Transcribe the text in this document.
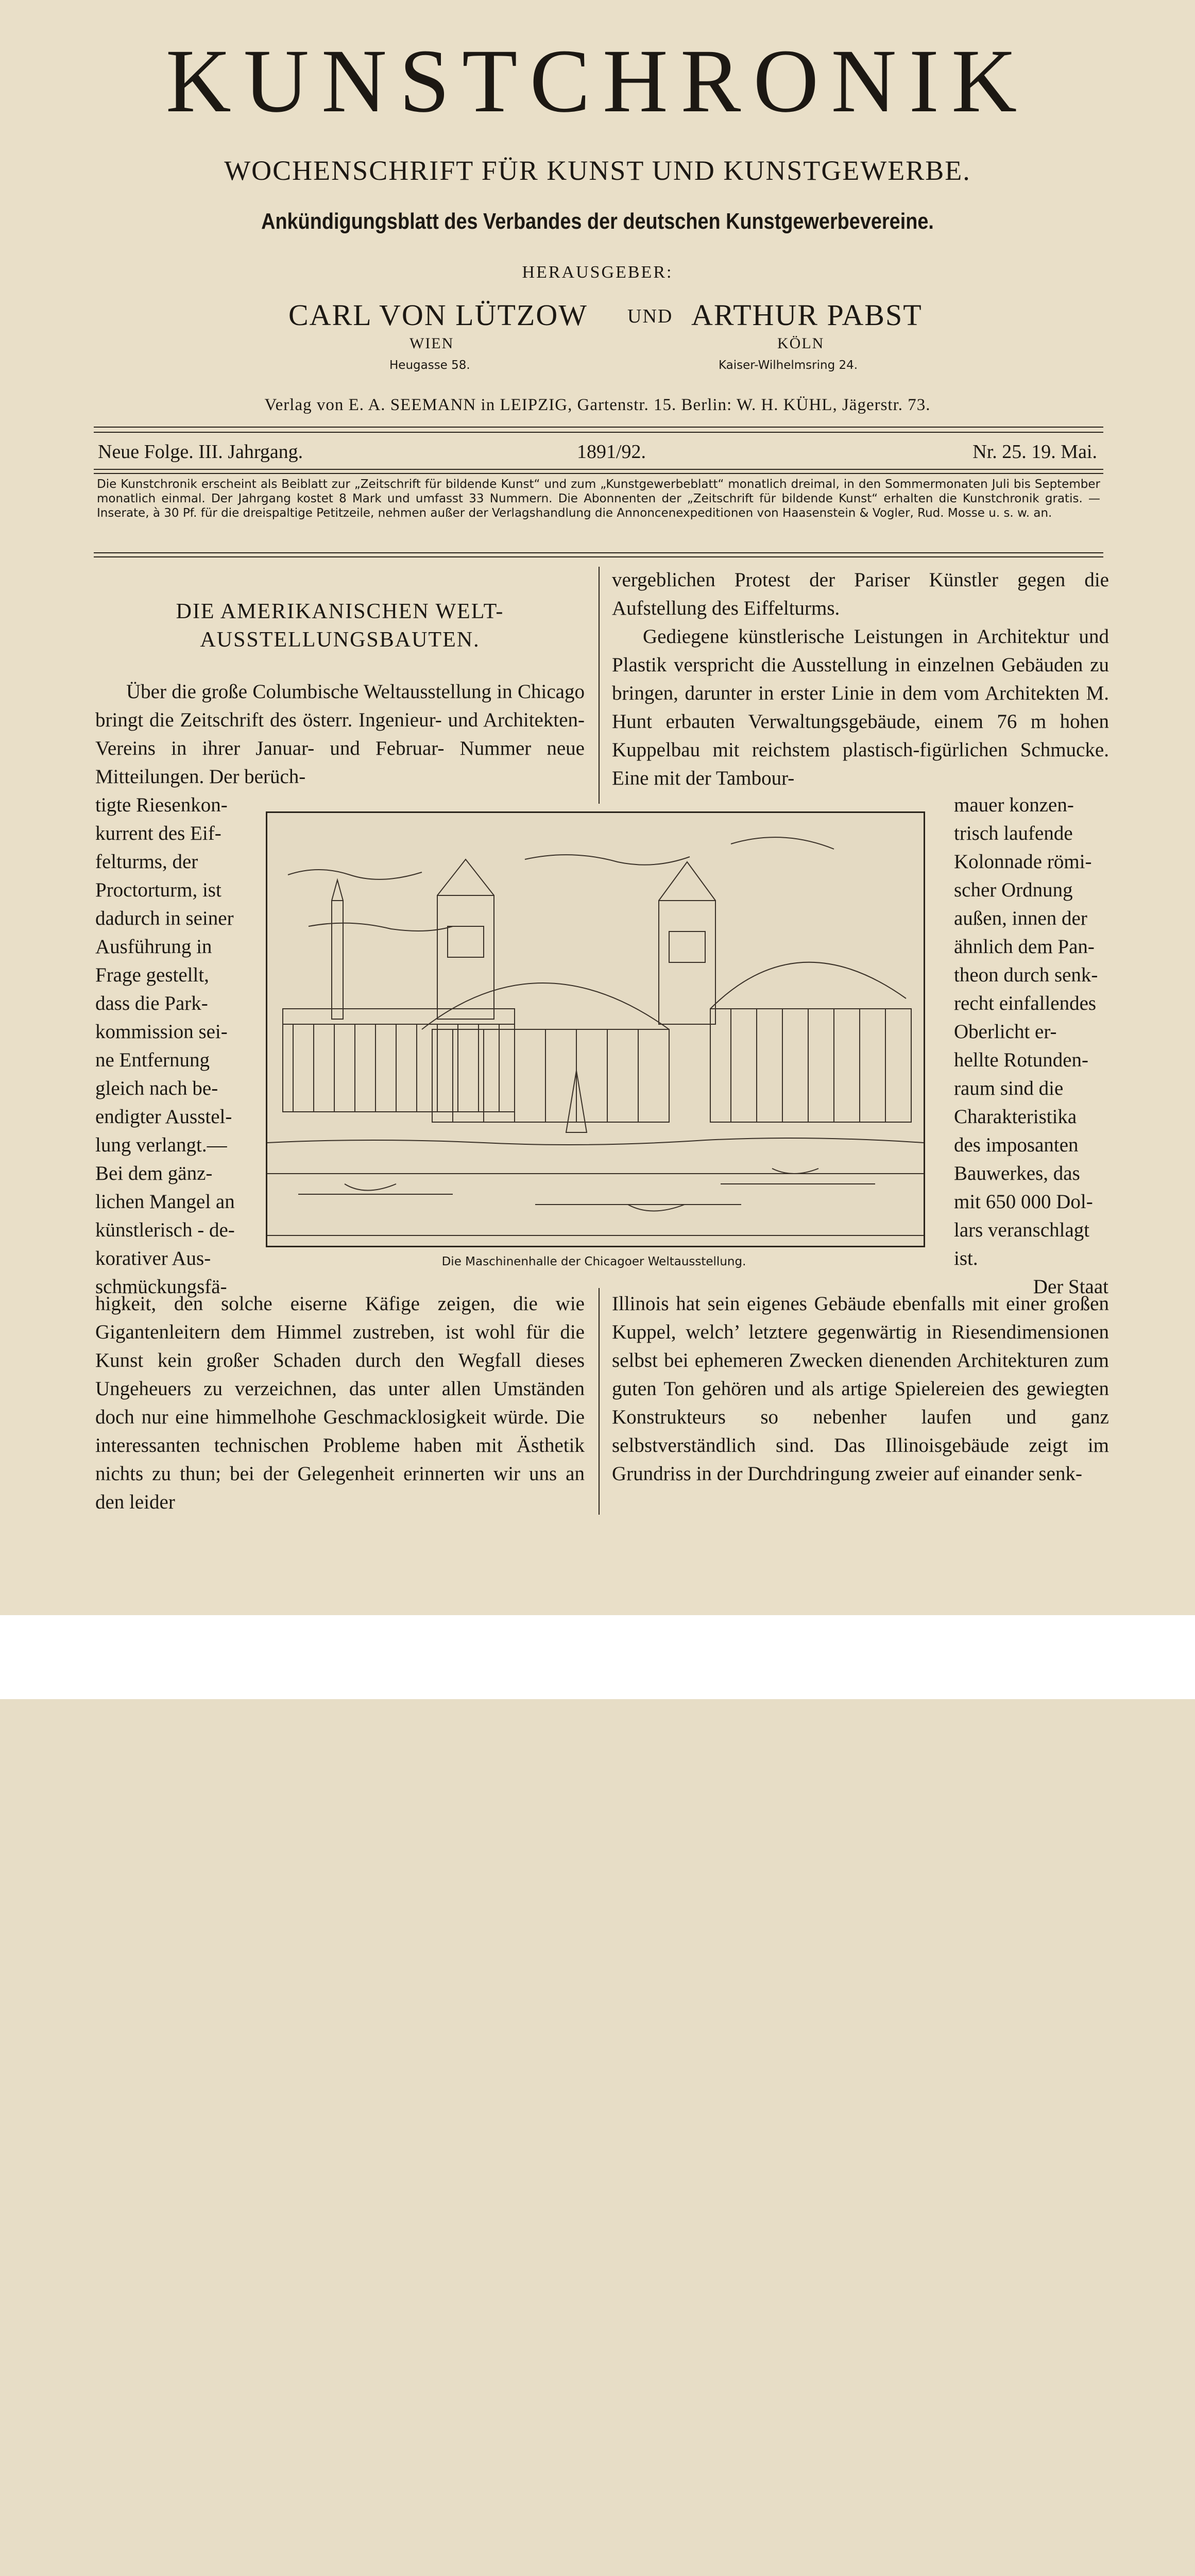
KUNSTCHRONIK
WOCHENSCHRIFT FÜR KUNST UND KUNSTGEWERBE.
Ankündigungsblatt des Verbandes der deutschen Kunstgewerbevereine.
HERAUSGEBER:
CARL VON LÜTZOW UND ARTHUR PABST
WIEN
Heugasse 58.
KÖLN
Kaiser-Wilhelmsring 24.
Verlag von E. A. SEEMANN in LEIPZIG, Gartenstr. 15. Berlin: W. H. KÜHL, Jägerstr. 73.
Neue Folge. III. Jahrgang.	1891/92.	Nr. 25. 19. Mai.
Die Kunstchronik erscheint als Beiblatt zur „Zeitschrift für bildende Kunst“ und zum „Kunstgewerbeblatt“ monatlich dreimal, in den Sommermonaten Juli bis September monatlich einmal. Der Jahrgang kostet 8 Mark und umfasst 33 Nummern. Die Abonnenten der „Zeitschrift für bildende Kunst“ erhalten die Kunstchronik gratis. — Inserate, à 30 Pf. für die dreispaltige Petitzeile, nehmen außer der Verlagshandlung die Annoncenexpeditionen von Haasenstein & Vogler, Rud. Mosse u. s. w. an.
DIE AMERIKANISCHEN WELT-
AUSSTELLUNGSBAUTEN.

Über die große Columbische Weltausstellung in Chicago bringt die Zeitschrift des österr. Ingenieur- und Architekten-Vereins in ihrer Januar- und Februar- Nummer neue Mitteilungen. Der berüch-

tigte Riesenkon-
kurrent des Eif-
felturms, der
Proctorturm, ist
dadurch in seiner
Ausführung in
Frage gestellt,
dass die Park-
kommission sei-
ne Entfernung
gleich nach be-
endigter Ausstel-
lung verlangt.—
Bei dem gänz-
lichen Mangel an
künstlerisch - de-
korativer Aus-
schmückungsfä-

higkeit, den solche eiserne Käfige zeigen, die wie Gigantenleitern dem Himmel zustreben, ist wohl für die Kunst kein großer Schaden durch den Wegfall dieses Ungeheuers zu verzeichnen, das unter allen Umständen doch nur eine himmelhohe Geschmacklosigkeit würde. Die interessanten technischen Probleme haben mit Ästhetik nichts zu thun; bei der Gelegenheit erinnerten wir uns an den leider

vergeblichen Protest der Pariser Künstler gegen die Aufstellung des Eiffelturms.

Gediegene künstlerische Leistungen in Architektur und Plastik verspricht die Ausstellung in einzelnen Gebäuden zu bringen, darunter in erster Linie in dem vom Architekten M. Hunt erbauten Verwaltungsgebäude, einem 76 m hohen Kuppelbau mit reichstem plastisch-figürlichen Schmucke. Eine mit der Tambour-

mauer konzen-
trisch laufende
Kolonnade römi-
scher Ordnung
außen, innen der
ähnlich dem Pan-
theon durch senk-
recht einfallendes
Oberlicht er-
hellte Rotunden-
raum sind die
Charakteristika
des imposanten
Bauwerkes, das
mit 650 000 Dol-
lars veranschlagt
ist.
Der Staat

Illinois hat sein eigenes Gebäude ebenfalls mit einer großen Kuppel, welch’ letztere gegenwärtig in Riesendimensionen selbst bei ephemeren Zwecken dienenden Architekturen zum guten Ton gehören und als artige Spielereien des gewiegten Konstrukteurs so nebenher laufen und ganz selbstverständlich sind. Das Illinoisgebäude zeigt im Grundriss in der Durchdringung zweier auf einander senk-

Die Maschinenhalle der Chicagoer Weltausstellung.
